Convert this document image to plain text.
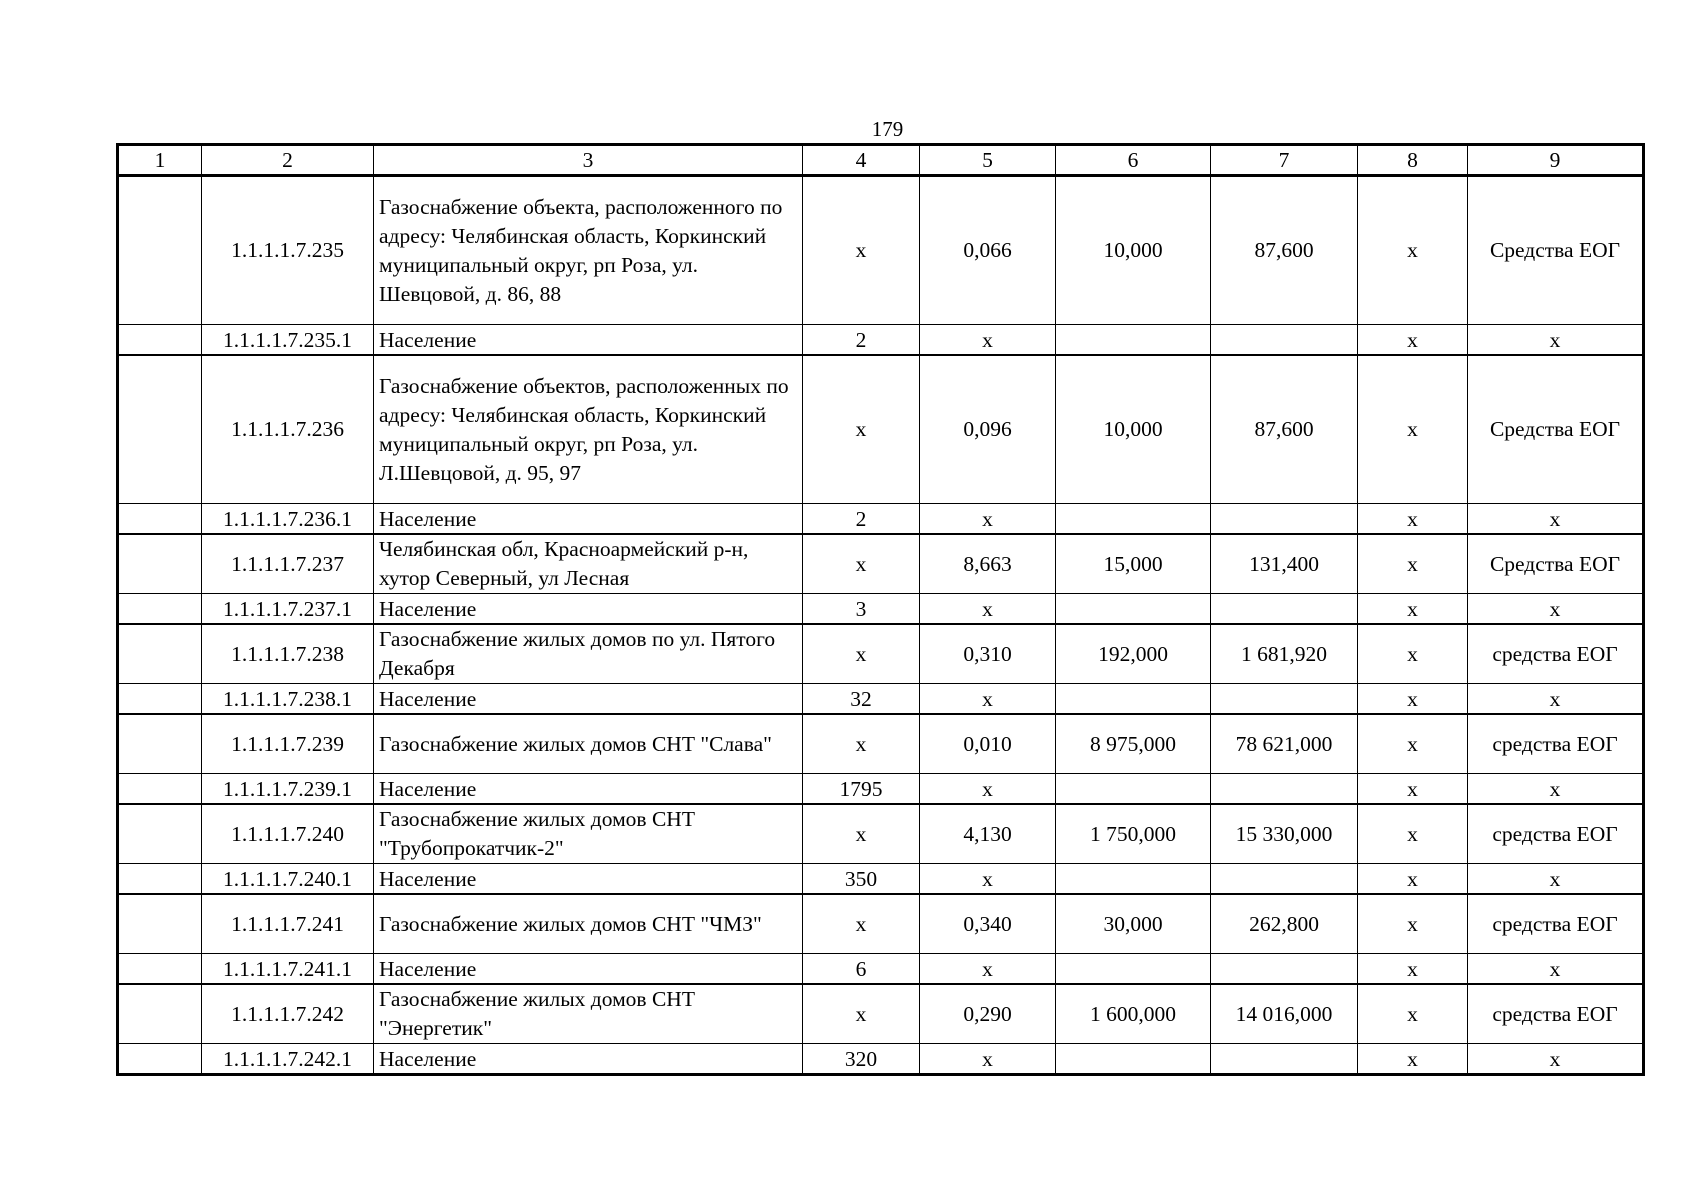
179
1	2	3	4	5	6	7	8	9
	1.1.1.1.7.235	Газоснабжение объекта, расположенного по адресу: Челябинская область, Коркинский муниципальный округ, рп Роза, ул. Шевцовой, д. 86, 88	x	0,066	10,000	87,600	x	Средства ЕОГ
	1.1.1.1.7.235.1	Население	2	x			x	x
	1.1.1.1.7.236	Газоснабжение объектов, расположенных по адресу: Челябинская область, Коркинский муниципальный округ, рп Роза, ул. Л.Шевцовой, д. 95, 97	x	0,096	10,000	87,600	x	Средства ЕОГ
	1.1.1.1.7.236.1	Население	2	x			x	x
	1.1.1.1.7.237	Челябинская обл, Красноармейский р-н, хутор Северный, ул Лесная	x	8,663	15,000	131,400	x	Средства ЕОГ
	1.1.1.1.7.237.1	Население	3	x			x	x
	1.1.1.1.7.238	Газоснабжение жилых домов по ул. Пятого Декабря	x	0,310	192,000	1 681,920	x	средства ЕОГ
	1.1.1.1.7.238.1	Население	32	x			x	x
	1.1.1.1.7.239	Газоснабжение жилых домов СНТ "Слава"	x	0,010	8 975,000	78 621,000	x	средства ЕОГ
	1.1.1.1.7.239.1	Население	1795	x			x	x
	1.1.1.1.7.240	Газоснабжение жилых домов СНТ "Трубопрокатчик-2"	x	4,130	1 750,000	15 330,000	x	средства ЕОГ
	1.1.1.1.7.240.1	Население	350	x			x	x
	1.1.1.1.7.241	Газоснабжение жилых домов СНТ "ЧМЗ"	x	0,340	30,000	262,800	x	средства ЕОГ
	1.1.1.1.7.241.1	Население	6	x			x	x
	1.1.1.1.7.242	Газоснабжение жилых домов СНТ "Энергетик"	x	0,290	1 600,000	14 016,000	x	средства ЕОГ
	1.1.1.1.7.242.1	Население	320	x			x	x
